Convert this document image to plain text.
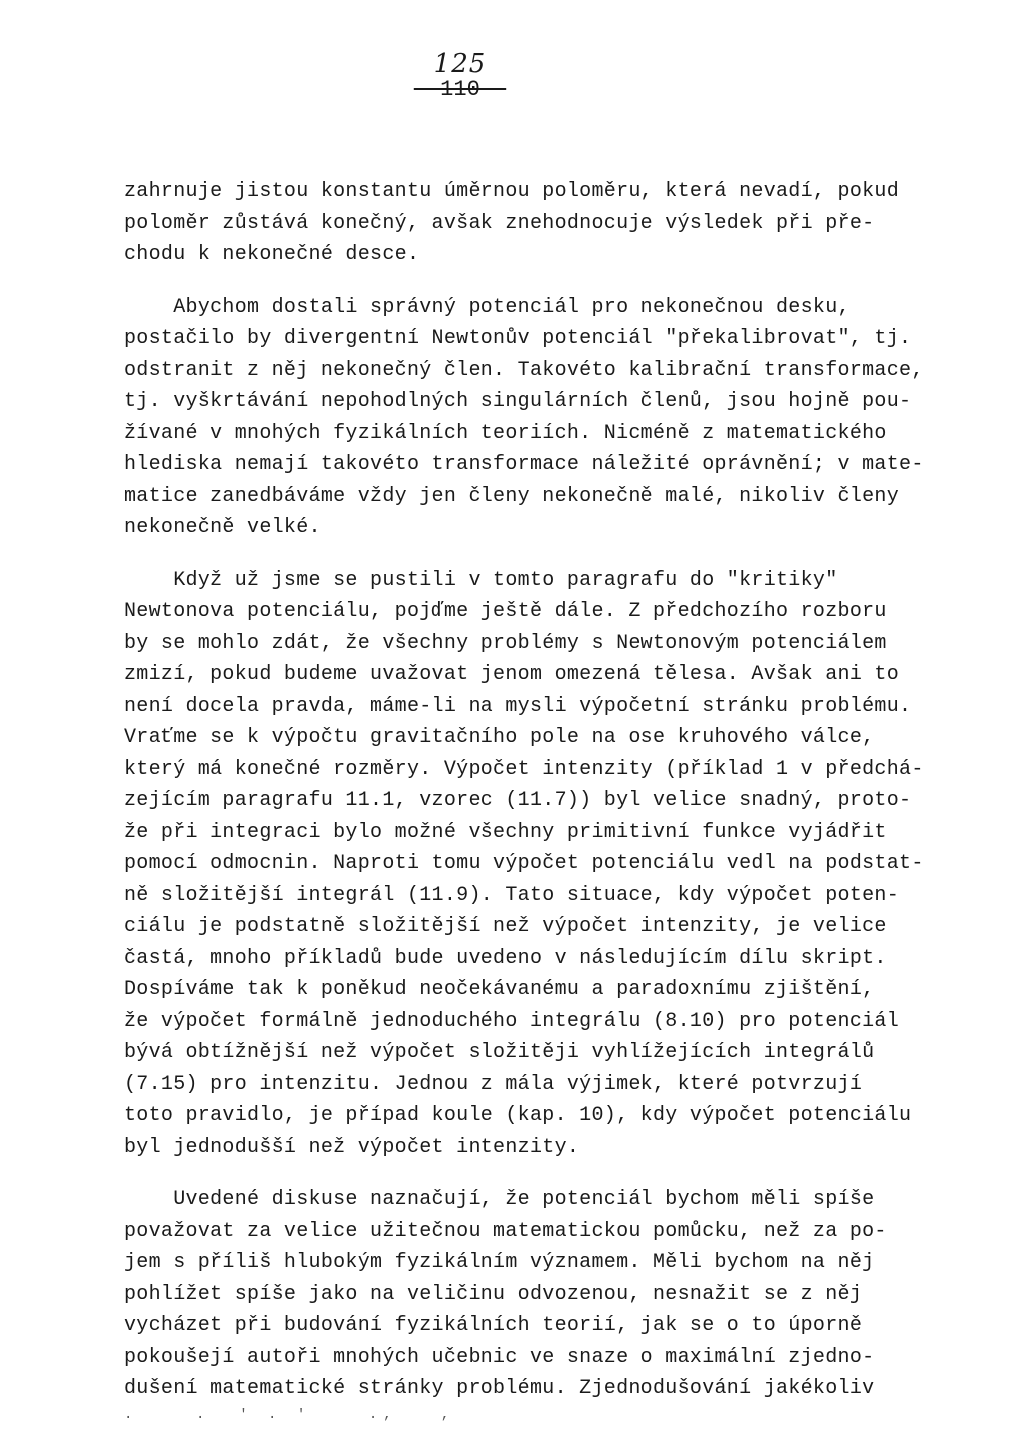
125
- 110 -
zahrnuje jistou konstantu úměrnou poloměru, která nevadí, pokud
poloměr zůstává konečný, avšak znehodnocuje výsledek při pře-
chodu k nekonečné desce.
Abychom dostali správný potenciál pro nekonečnou desku,
postačilo by divergentní Newtonův potenciál "překalibrovat", tj.
odstranit z něj nekonečný člen. Takovéto kalibrační transformace,
tj. vyškrtávání nepohodlných singulárních členů, jsou hojně pou-
žívané v mnohých fyzikálních teoriích. Nicméně z matematického
hlediska nemají takovéto transformace náležité oprávnění; v mate-
matice zanedbáváme vždy jen členy nekonečně malé, nikoliv členy
nekonečně velké.
Když už jsme se pustili v tomto paragrafu do "kritiky"
Newtonova potenciálu, pojďme ještě dále. Z předchozího rozboru
by se mohlo zdát, že všechny problémy s Newtonovým potenciálem
zmizí, pokud budeme uvažovat jenom omezená tělesa. Avšak ani to
není docela pravda, máme-li na mysli výpočetní stránku problému.
Vraťme se k výpočtu gravitačního pole na ose kruhového válce,
který má konečné rozměry. Výpočet intenzity (příklad 1 v předchá-
zejícím paragrafu 11.1, vzorec (11.7)) byl velice snadný, proto-
že při integraci bylo možné všechny primitivní funkce vyjádřit
pomocí odmocnin. Naproti tomu výpočet potenciálu vedl na podstat-
ně složitější integrál (11.9). Tato situace, kdy výpočet poten-
ciálu je podstatně složitější než výpočet intenzity, je velice
častá, mnoho příkladů bude uvedeno v následujícím dílu skript.
Dospíváme tak k poněkud neočekávanému a paradoxnímu zjištění,
že výpočet formálně jednoduchého integrálu (8.10) pro potenciál
bývá obtížnější než výpočet složitěji vyhlížejících integrálů
(7.15) pro intenzitu. Jednou z mála výjimek, které potvrzují
toto pravidlo, je případ koule (kap. 10), kdy výpočet potenciálu
byl jednodušší než výpočet intenzity.
Uvedené diskuse naznačují, že potenciál bychom měli spíše
považovat za velice užitečnou matematickou pomůcku, než za po-
jem s příliš hlubokým fyzikálním významem. Měli bychom na něj
pohlížet spíše jako na veličinu odvozenou, nesnažit se z něj
vycházet při budování fyzikálních teorií, jak se o to úporně
pokoušejí autoři mnohých učebnic ve snaze o maximální zjedno-
dušení matematické stránky problému. Zjednodušování jakékoliv
.    .  ' . '    .,   ,
